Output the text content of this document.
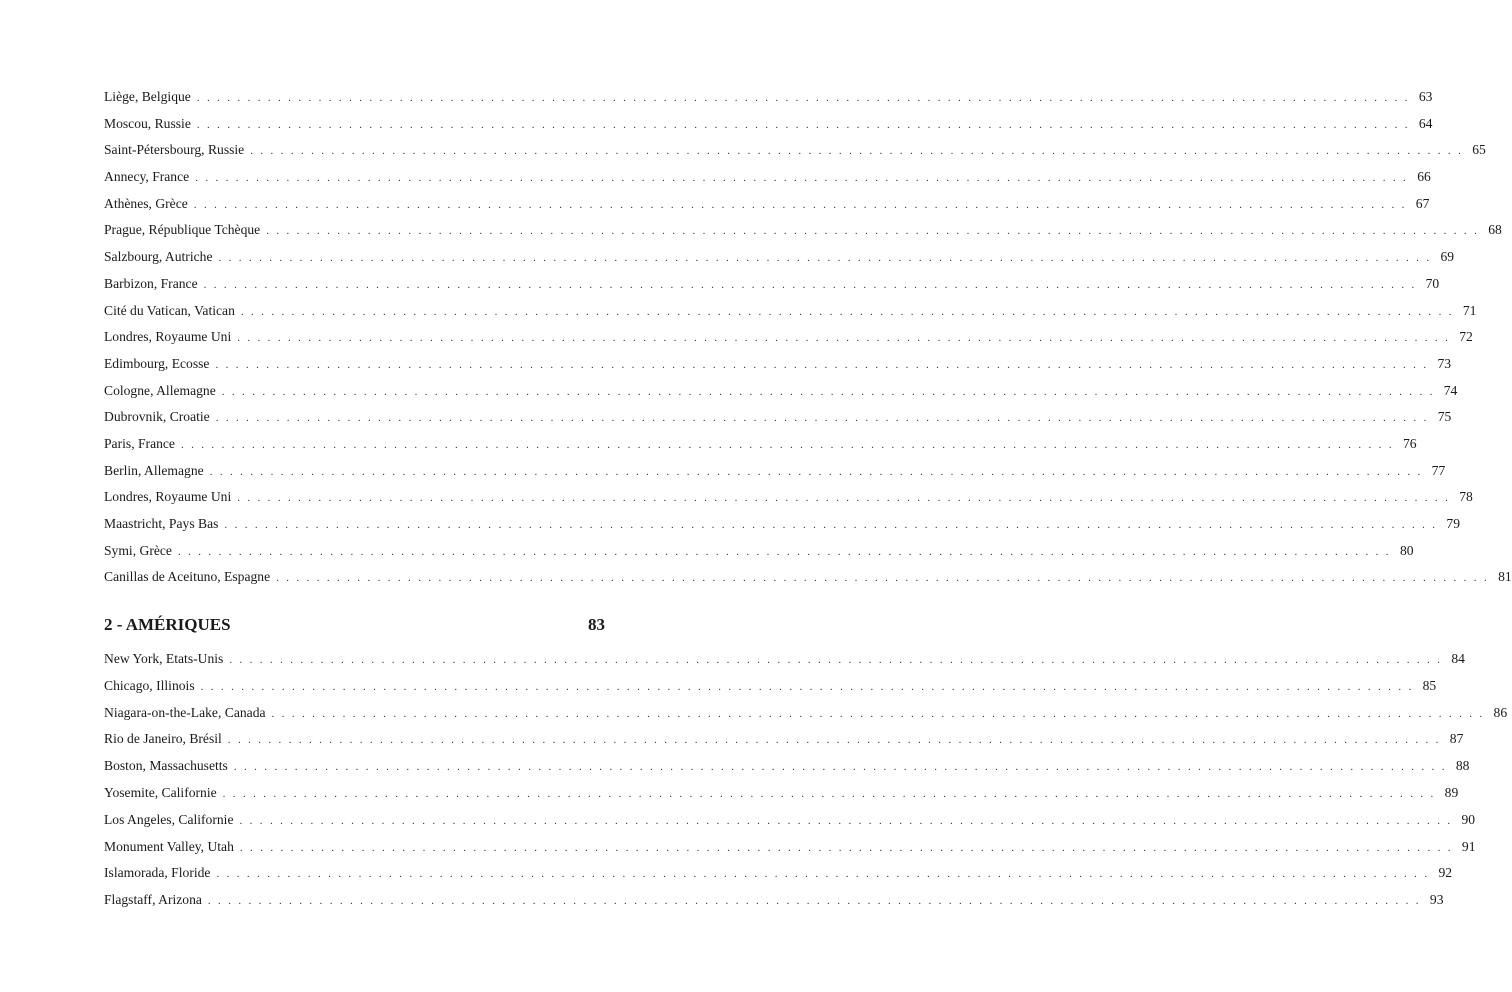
Liège, Belgique ........................................................................................................................ 63
Moscou, Russie ........................................................................................................................ 64
Saint-Pétersbourg, Russie ........................................................................................................................ 65
Annecy, France ........................................................................................................................ 66
Athènes, Grèce ........................................................................................................................ 67
Prague, République Tchèque ........................................................................................................................ 68
Salzbourg, Autriche ........................................................................................................................ 69
Barbizon, France ........................................................................................................................ 70
Cité du Vatican, Vatican ........................................................................................................................ 71
Londres, Royaume Uni ........................................................................................................................ 72
Edimbourg, Ecosse ........................................................................................................................ 73
Cologne, Allemagne ........................................................................................................................ 74
Dubrovnik, Croatie ........................................................................................................................ 75
Paris, France ........................................................................................................................ 76
Berlin, Allemagne ........................................................................................................................ 77
Londres, Royaume Uni ........................................................................................................................ 78
Maastricht, Pays Bas ........................................................................................................................ 79
Symi, Grèce ........................................................................................................................ 80
Canillas de Aceituno, Espagne ........................................................................................................................ 81
2 - AMÉRIQUES	83
New York, Etats-Unis ........................................................................................................................ 84
Chicago, Illinois ........................................................................................................................ 85
Niagara-on-the-Lake, Canada ........................................................................................................................ 86
Rio de Janeiro, Brésil ........................................................................................................................ 87
Boston, Massachusetts ........................................................................................................................ 88
Yosemite, Californie ........................................................................................................................ 89
Los Angeles, Californie ........................................................................................................................ 90
Monument Valley, Utah ........................................................................................................................ 91
Islamorada, Floride ........................................................................................................................ 92
Flagstaff, Arizona ........................................................................................................................ 93
